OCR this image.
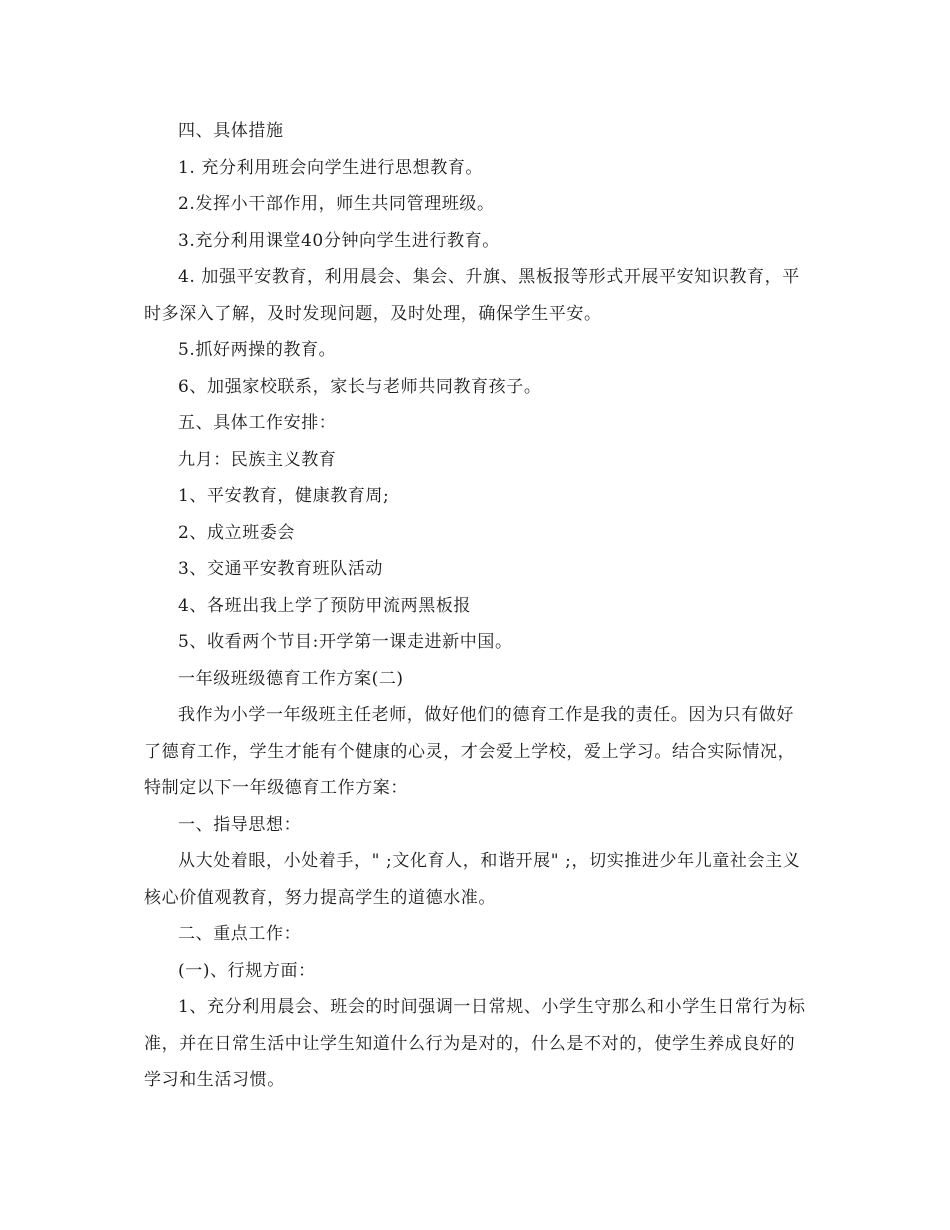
四、具体措施

1. 充分利用班会向学生进行思想教育。

2.发挥小干部作用，师生共同管理班级。

3.充分利用课堂40分钟向学生进行教育。

4. 加强平安教育，利用晨会、集会、升旗、黑板报等形式开展平安知识教育，平时多深入了解，及时发现问题，及时处理，确保学生平安。

5.抓好两操的教育。

6、加强家校联系，家长与老师共同教育孩子。

五、具体工作安排：

九月：民族主义教育

1、平安教育，健康教育周;

2、成立班委会

3、交通平安教育班队活动

4、各班出我上学了预防甲流两黑板报

5、收看两个节目:开学第一课走进新中国。

一年级班级德育工作方案(二)

我作为小学一年级班主任老师，做好他们的德育工作是我的责任。因为只有做好了德育工作，学生才能有个健康的心灵，才会爱上学校，爱上学习。结合实际情况，特制定以下一年级德育工作方案：

一、指导思想：

从大处着眼，小处着手，" ;文化育人，和谐开展" ;，切实推进少年儿童社会主义核心价值观教育，努力提高学生的道德水准。

二、重点工作：

(一)、行规方面：

1、充分利用晨会、班会的时间强调一日常规、小学生守那么和小学生日常行为标准，并在日常生活中让学生知道什么行为是对的，什么是不对的，使学生养成良好的学习和生活习惯。
